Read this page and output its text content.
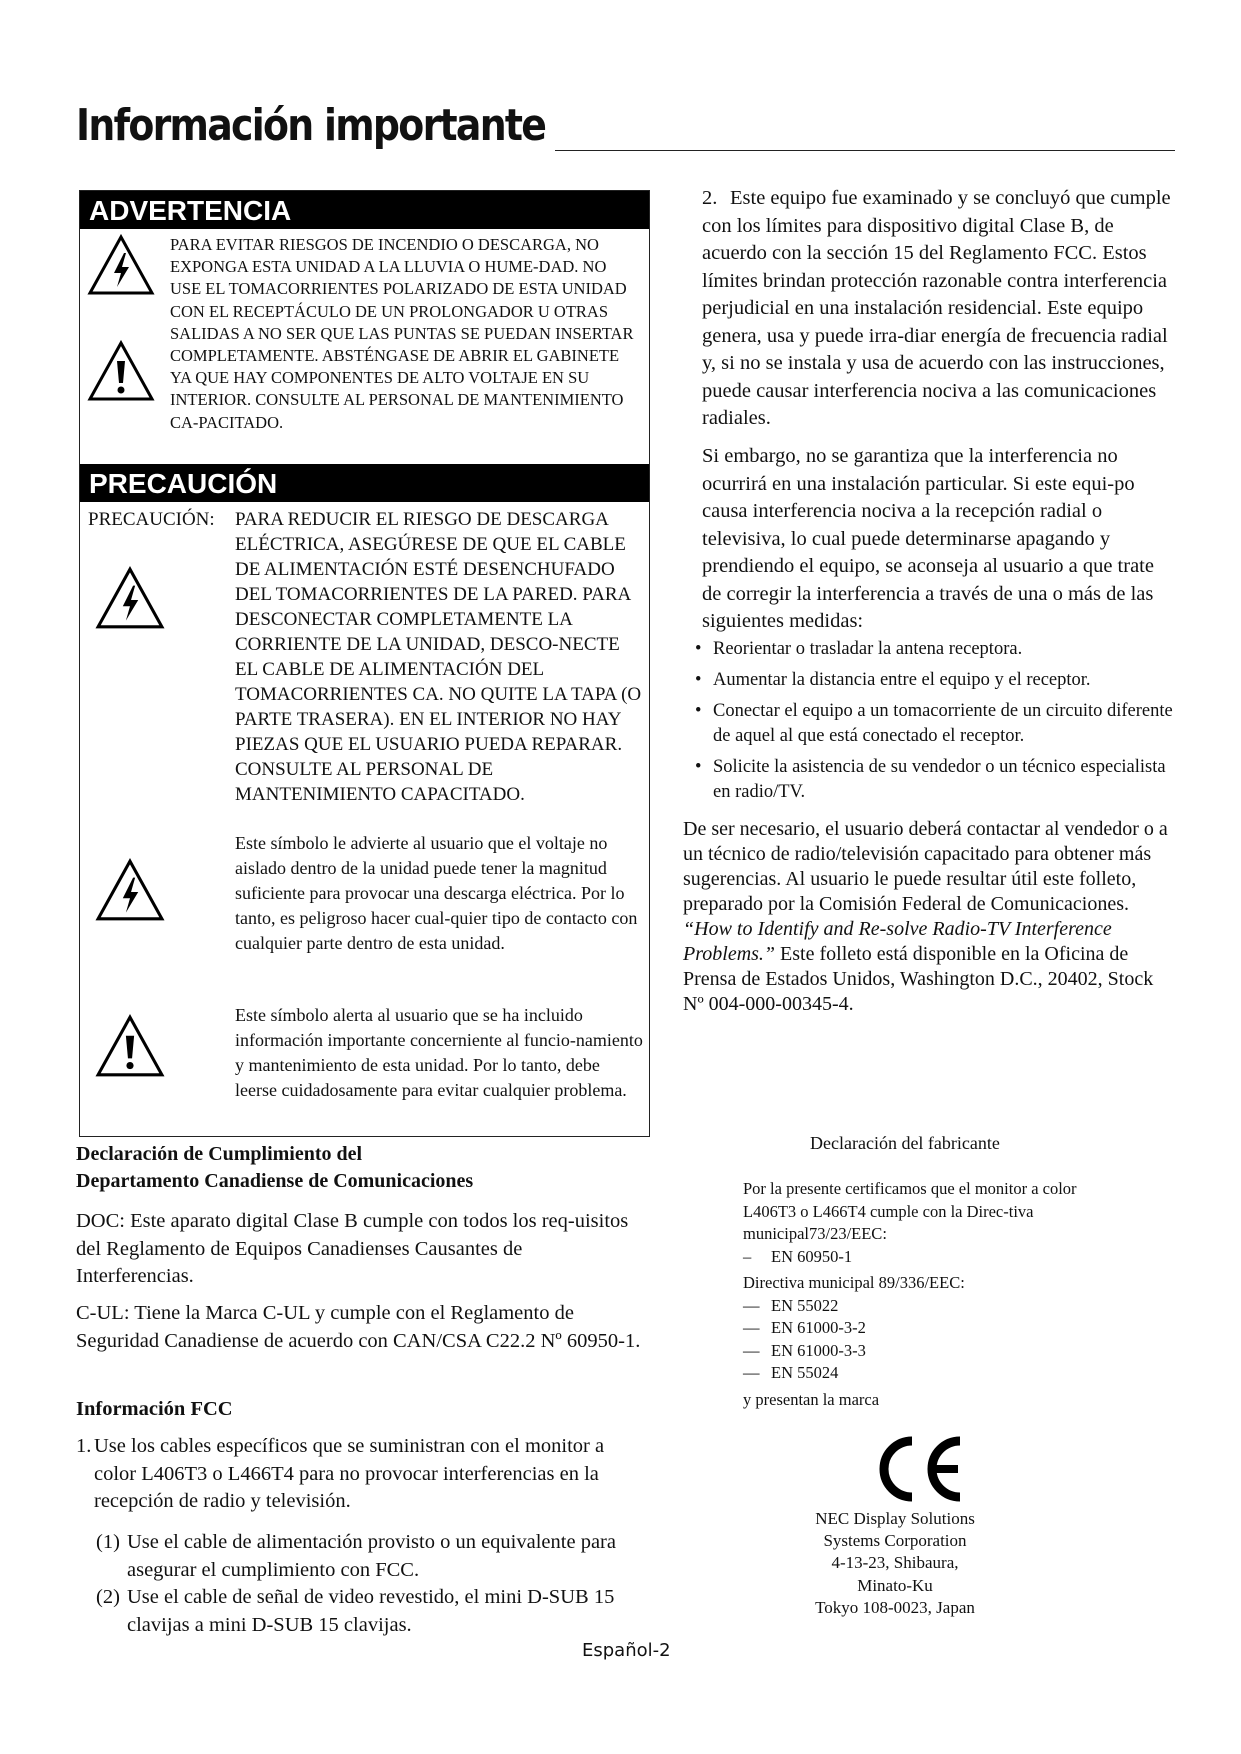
Información importante
ADVERTENCIA
PARA EVITAR RIESGOS DE INCENDIO O DESCARGA, NO EXPONGA ESTA UNIDAD A LA LLUVIA O HUME-DAD. NO USE EL TOMACORRIENTES POLARIZADO DE ESTA UNIDAD CON EL RECEPTÁCULO DE UN PROLONGADOR U OTRAS SALIDAS A NO SER QUE LAS PUNTAS SE PUEDAN INSERTAR COMPLETAMENTE. ABSTÉNGASE DE ABRIR EL GABINETE YA QUE HAY COMPONENTES DE ALTO VOLTAJE EN SU INTERIOR. CONSULTE AL PERSONAL DE MANTENIMIENTO CA-PACITADO.
PRECAUCIÓN
PRECAUCIÓN: PARA REDUCIR EL RIESGO DE DESCARGA ELÉCTRICA, ASEGÚRESE DE QUE EL CABLE DE ALIMENTACIÓN ESTÉ DESENCHUFADO DEL TOMACORRIENTES DE LA PARED. PARA DESCONECTAR COMPLETAMENTE LA CORRIENTE DE LA UNIDAD, DESCO-NECTE EL CABLE DE ALIMENTACIÓN DEL TOMACORRIENTES CA. NO QUITE LA TAPA (O PARTE TRASERA). EN EL INTERIOR NO HAY PIEZAS QUE EL USUARIO PUEDA REPARAR. CONSULTE AL PERSONAL DE MANTENIMIENTO CAPACITADO.
Este símbolo le advierte al usuario que el voltaje no aislado dentro de la unidad puede tener la magnitud suficiente para provocar una descarga eléctrica. Por lo tanto, es peligroso hacer cual-quier tipo de contacto con cualquier parte dentro de esta unidad.
Este símbolo alerta al usuario que se ha incluido información importante concerniente al funcio-namiento y mantenimiento de esta unidad. Por lo tanto, debe leerse cuidadosamente para evitar cualquier problema.
Declaración de Cumplimiento del
Departamento Canadiense de Comunicaciones
DOC: Este aparato digital Clase B cumple con todos los req-uisitos del Reglamento de Equipos Canadienses Causantes de Interferencias.
C-UL: Tiene la Marca C-UL y cumple con el Reglamento de Seguridad Canadiense de acuerdo con CAN/CSA C22.2 Nº 60950-1.
Información FCC
1. Use los cables específicos que se suministran con el monitor a color L406T3 o L466T4 para no provocar interferencias en la recepción de radio y televisión.
(1) Use el cable de alimentación provisto o un equivalente para asegurar el cumplimiento con FCC.
(2) Use el cable de señal de video revestido, el mini D-SUB 15 clavijas a mini D-SUB 15 clavijas.
2. Este equipo fue examinado y se concluyó que cumple con los límites para dispositivo digital Clase B, de acuerdo con la sección 15 del Reglamento FCC. Estos límites brindan protección razonable contra interferencia perjudicial en una instalación residencial. Este equipo genera, usa y puede irra-diar energía de frecuencia radial y, si no se instala y usa de acuerdo con las instrucciones, puede causar interferencia nociva a las comunicaciones radiales.
Si embargo, no se garantiza que la interferencia no ocurrirá en una instalación particular. Si este equi-po causa interferencia nociva a la recepción radial o televisiva, lo cual puede determinarse apagando y prendiendo el equipo, se aconseja al usuario a que trate de corregir la interferencia a través de una o más de las siguientes medidas:
• Reorientar o trasladar la antena receptora.
• Aumentar la distancia entre el equipo y el receptor.
• Conectar el equipo a un tomacorriente de un circuito diferente de aquel al que está conectado el receptor.
• Solicite la asistencia de su vendedor o un técnico especialista en radio/TV.
De ser necesario, el usuario deberá contactar al vendedor o a un técnico de radio/televisión capacitado para obtener más sugerencias. Al usuario le puede resultar útil este folleto, preparado por la Comisión Federal de Comunicaciones. “How to Identify and Re-solve Radio-TV Interference Problems.” Este folleto está disponible en la Oficina de Prensa de Estados Unidos, Washington D.C., 20402, Stock Nº 004-000-00345-4.
Declaración del fabricante
Por la presente certificamos que el monitor a color L406T3 o L466T4 cumple con la Direc-tiva municipal73/23/EEC:
– EN 60950-1
Directiva municipal 89/336/EEC:
— EN 55022
— EN 61000-3-2
— EN 61000-3-3
— EN 55024
y presentan la marca
NEC Display Solutions
Systems Corporation
4-13-23, Shibaura,
Minato-Ku
Tokyo 108-0023, Japan
Español-2
